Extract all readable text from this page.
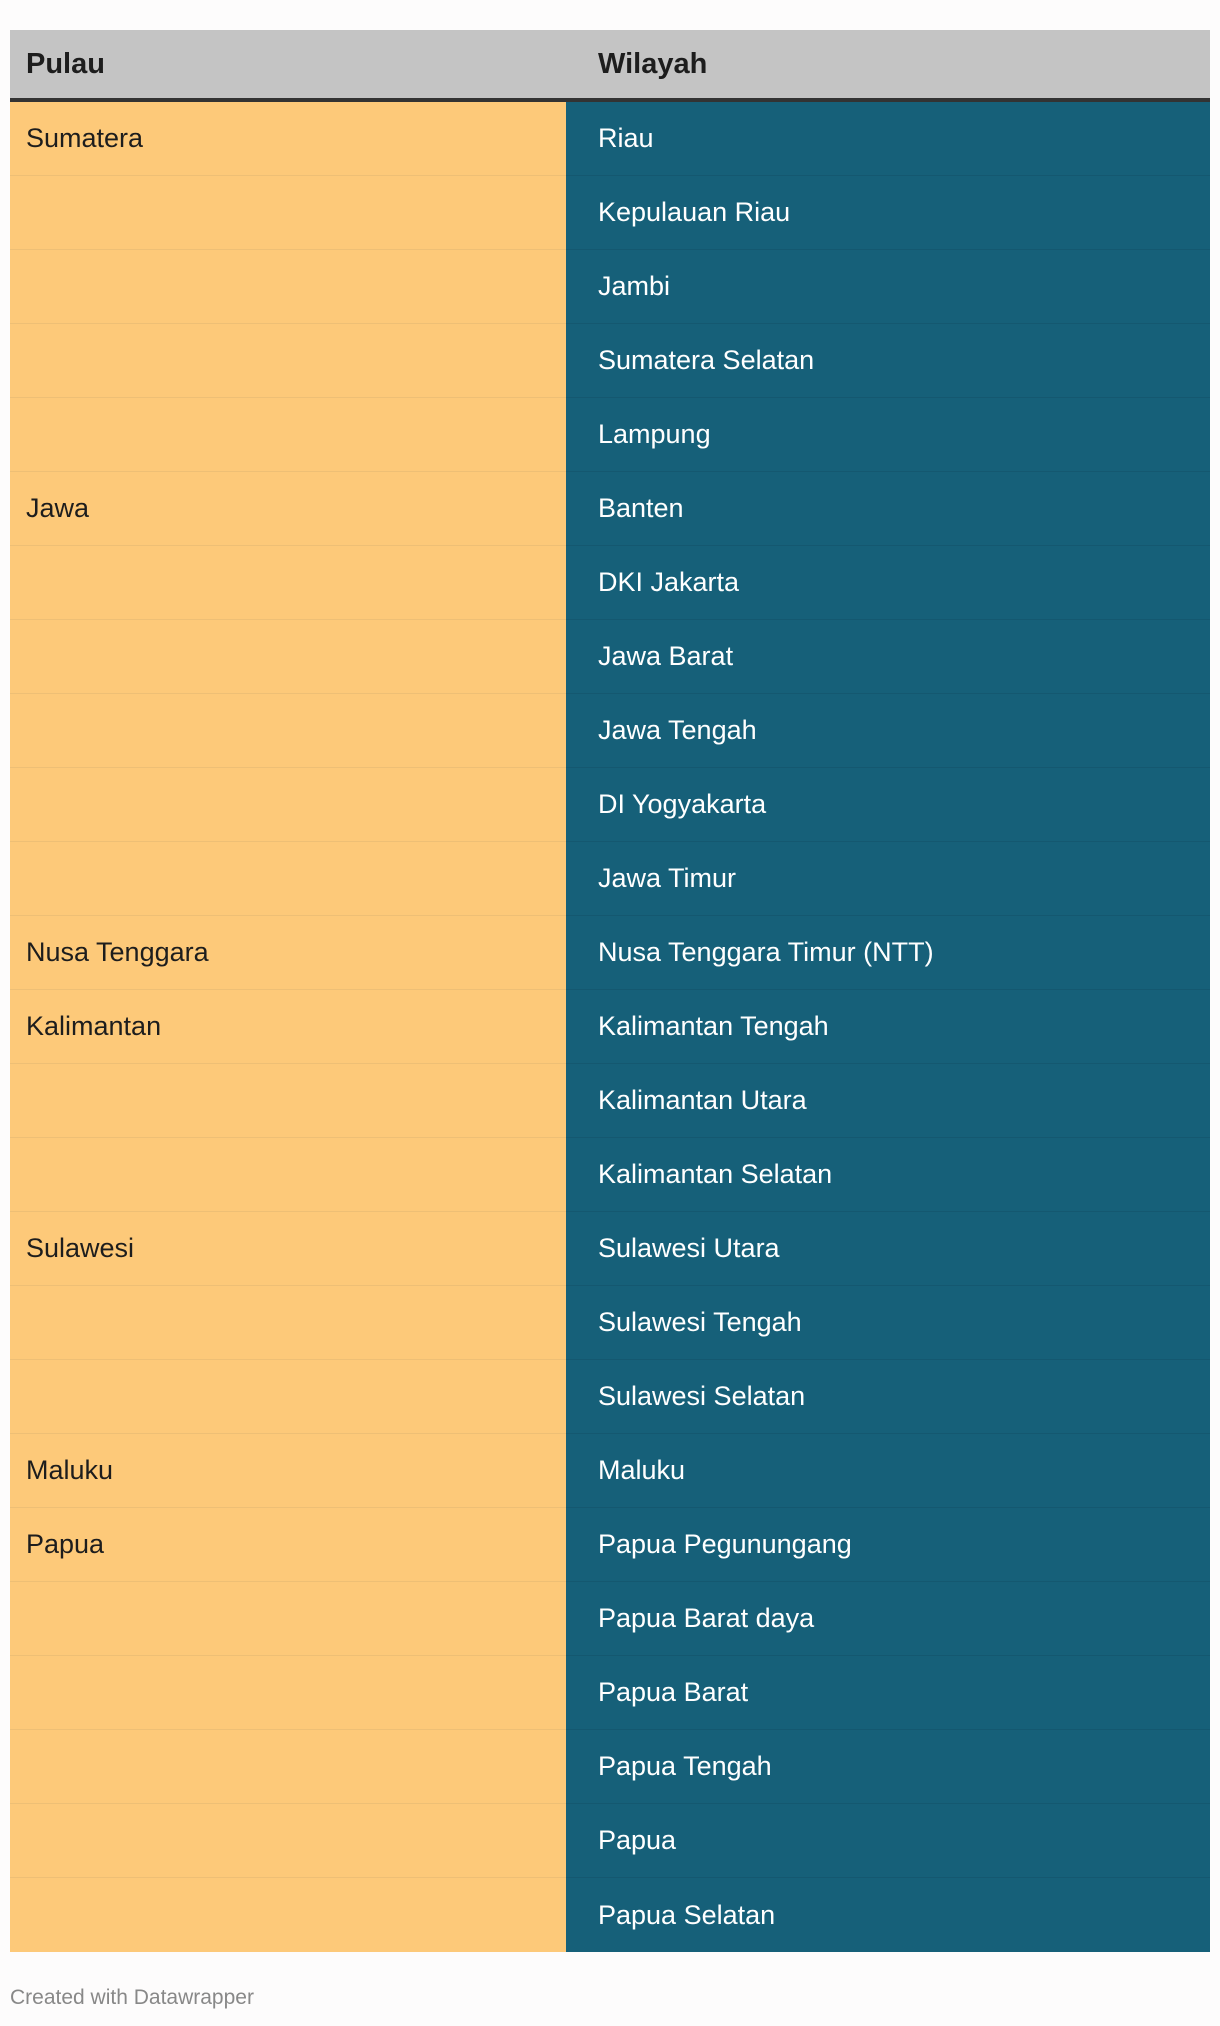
Pulau	Wilayah
Sumatera	Riau
Kepulauan Riau
Jambi
Sumatera Selatan
Lampung
Jawa	Banten
DKI Jakarta
Jawa Barat
Jawa Tengah
DI Yogyakarta
Jawa Timur
Nusa Tenggara	Nusa Tenggara Timur (NTT)
Kalimantan	Kalimantan Tengah
Kalimantan Utara
Kalimantan Selatan
Sulawesi	Sulawesi Utara
Sulawesi Tengah
Sulawesi Selatan
Maluku	Maluku
Papua	Papua Pegunungang
Papua Barat daya
Papua Barat
Papua Tengah
Papua
Papua Selatan
Created with Datawrapper
